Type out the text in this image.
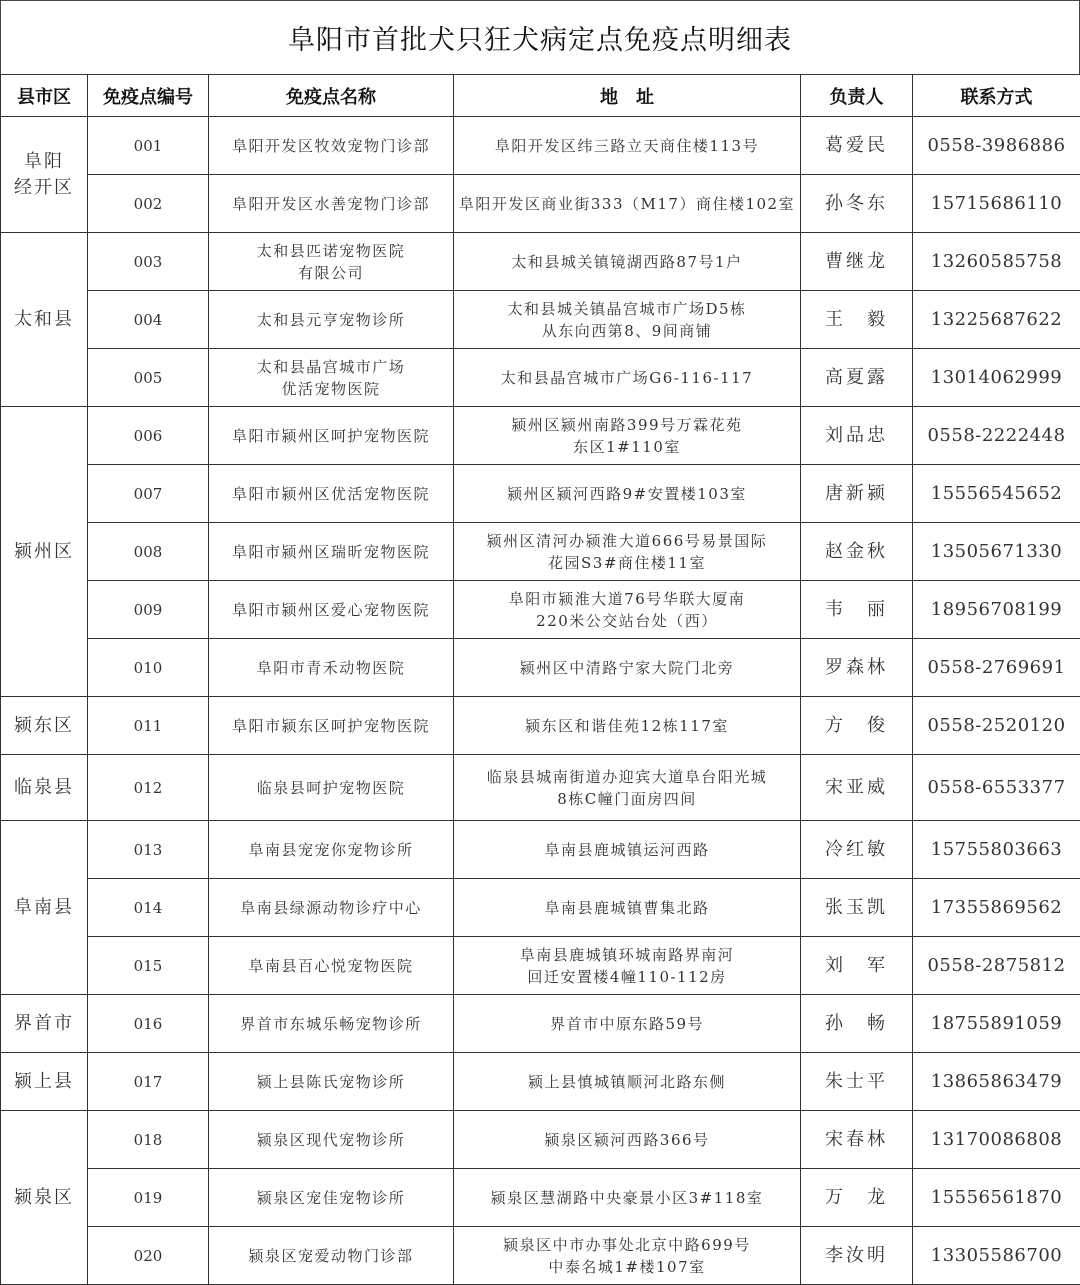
阜阳市首批犬只狂犬病定点免疫点明细表
县市区	免疫点编号	免疫点名称	地　址	负责人	联系方式

阜阳
经开区	001	阜阳开发区牧效宠物门诊部	阜阳开发区纬三路立天商住楼113号	葛爱民	0558-3986886
	002	阜阳开发区水善宠物门诊部	阜阳开发区商业街333（M17）商住楼102室	孙冬东	15715686110

太和县	003	太和县匹诺宠物医院
有限公司	太和县城关镇镜湖西路87号1户	曹继龙	13260585758
	004	太和县元亨宠物诊所	太和县城关镇晶宫城市广场D5栋
从东向西第8、9间商铺	王　毅	13225687622
	005	太和县晶宫城市广场
优活宠物医院	太和县晶宫城市广场G6-116-117	高夏露	13014062999

颍州区	006	阜阳市颍州区呵护宠物医院	颍州区颍州南路399号万霖花苑
东区1#110室	刘品忠	0558-2222448
	007	阜阳市颍州区优活宠物医院	颍州区颍河西路9#安置楼103室	唐新颍	15556545652
	008	阜阳市颍州区瑞昕宠物医院	颍州区清河办颍淮大道666号易景国际
花园S3#商住楼11室	赵金秋	13505671330
	009	阜阳市颍州区爱心宠物医院	阜阳市颍淮大道76号华联大厦南
220米公交站台处（西）	韦　丽	18956708199
	010	阜阳市青禾动物医院	颍州区中清路宁家大院门北旁	罗森林	0558-2769691

颍东区	011	阜阳市颍东区呵护宠物医院	颍东区和谐佳苑12栋117室	方　俊	0558-2520120

临泉县	012	临泉县呵护宠物医院	临泉县城南街道办迎宾大道阜台阳光城
8栋C幢门面房四间	宋亚威	0558-6553377

阜南县	013	阜南县宠宠你宠物诊所	阜南县鹿城镇运河西路	冷红敏	15755803663
	014	阜南县绿源动物诊疗中心	阜南县鹿城镇曹集北路	张玉凯	17355869562
	015	阜南县百心悦宠物医院	阜南县鹿城镇环城南路界南河
回迁安置楼4幢110-112房	刘　军	0558-2875812

界首市	016	界首市东城乐畅宠物诊所	界首市中原东路59号	孙　畅	18755891059

颍上县	017	颍上县陈氏宠物诊所	颍上县慎城镇顺河北路东侧	朱士平	13865863479

颍泉区	018	颍泉区现代宠物诊所	颍泉区颍河西路366号	宋春林	13170086808
	019	颍泉区宠佳宠物诊所	颍泉区慧湖路中央豪景小区3#118室	万　龙	15556561870
	020	颍泉区宠爱动物门诊部	颍泉区中市办事处北京中路699号
中泰名城1#楼107室	李汝明	13305586700
